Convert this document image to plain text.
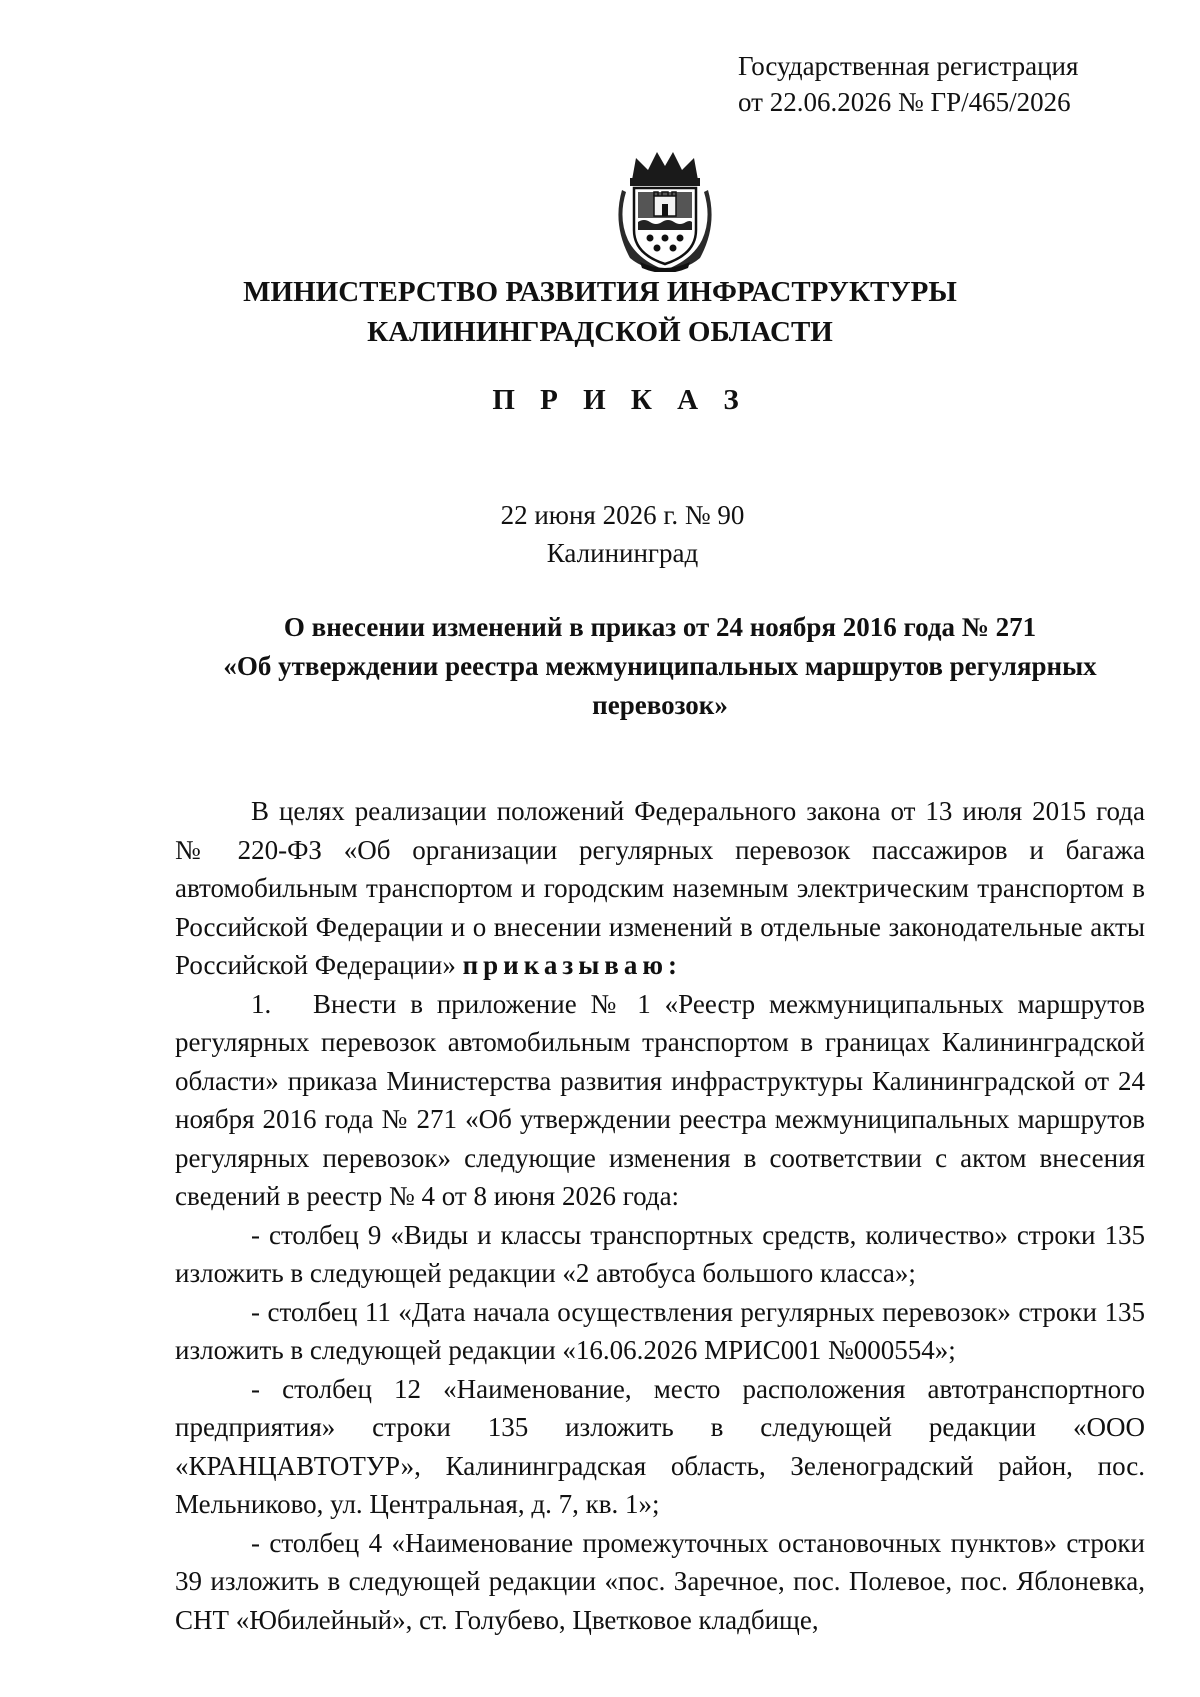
Государственная регистрация
от 22.06.2026 № ГР/465/2026
МИНИСТЕРСТВО РАЗВИТИЯ ИНФРАСТРУКТУРЫ
КАЛИНИНГРАДСКОЙ ОБЛАСТИ
П Р И К А З
22 июня 2026 г. № 90
Калининград
О внесении изменений в приказ от 24 ноября 2016 года № 271
«Об утверждении реестра межмуниципальных маршрутов регулярных
перевозок»

В целях реализации положений Федерального закона от 13 июля 2015 года № 220-ФЗ «Об организации регулярных перевозок пассажиров и багажа автомобильным транспортом и городским наземным электрическим транспортом в Российской Федерации и о внесении изменений в отдельные законодательные акты Российской Федерации» приказываю:

1. Внести в приложение № 1 «Реестр межмуниципальных маршрутов регулярных перевозок автомобильным транспортом в границах Калининградской области» приказа Министерства развития инфраструктуры Калининградской от 24 ноября 2016 года № 271 «Об утверждении реестра межмуниципальных маршрутов регулярных перевозок» следующие изменения в соответствии с актом внесения сведений в реестр № 4 от 8 июня 2026 года:

- столбец 9 «Виды и классы транспортных средств, количество» строки 135 изложить в следующей редакции «2 автобуса большого класса»;

- столбец 11 «Дата начала осуществления регулярных перевозок» строки 135 изложить в следующей редакции «16.06.2026 МРИС001 №000554»;

- столбец 12 «Наименование, место расположения автотранспортного предприятия» строки 135 изложить в следующей редакции «ООО «КРАНЦАВТОТУР», Калининградская область, Зеленоградский район, пос. Мельниково, ул. Центральная, д. 7, кв. 1»;

- столбец 4 «Наименование промежуточных остановочных пунктов» строки 39 изложить в следующей редакции «пос. Заречное, пос. Полевое, пос. Яблоневка, СНТ «Юбилейный», ст. Голубево, Цветковое кладбище,
